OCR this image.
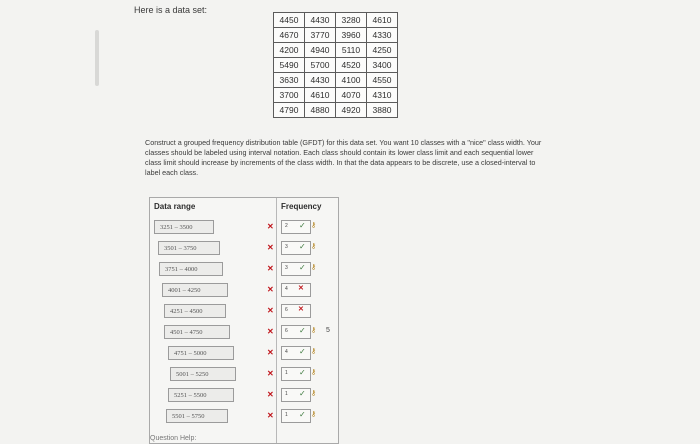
Here is a data set:
4450	4430	3280	4610
4670	3770	3960	4330
4200	4940	5110	4250
5490	5700	4520	3400
3630	4430	4100	4550
3700	4610	4070	4310
4790	4880	4920	3880
Construct a grouped frequency distribution table (GFDT) for this data set. You want 10 classes with a "nice" class width. Your classes should be labeled using interval notation. Each class should contain its lower class limit and each sequential lower class limit should increase by increments of the class width. In that the data appears to be discrete, use a closed-interval to label each class.
Data range	Frequency
3251 – 3500	✕ 2 ✓ ⚷
3501 – 3750	✕ 3 ✓ ⚷
3751 – 4000	✕ 3 ✓ ⚷
4001 – 4250	✕ 4 ✕
4251 – 4500	✕ 6 ✕
4501 – 4750	✕ 6 ✓ ⚷ 5
4751 – 5000	✕ 4 ✓ ⚷
5001 – 5250	✕ 1 ✓ ⚷
5251 – 5500	✕ 1 ✓ ⚷
5501 – 5750	✕ 1 ✓ ⚷
Question Help:
